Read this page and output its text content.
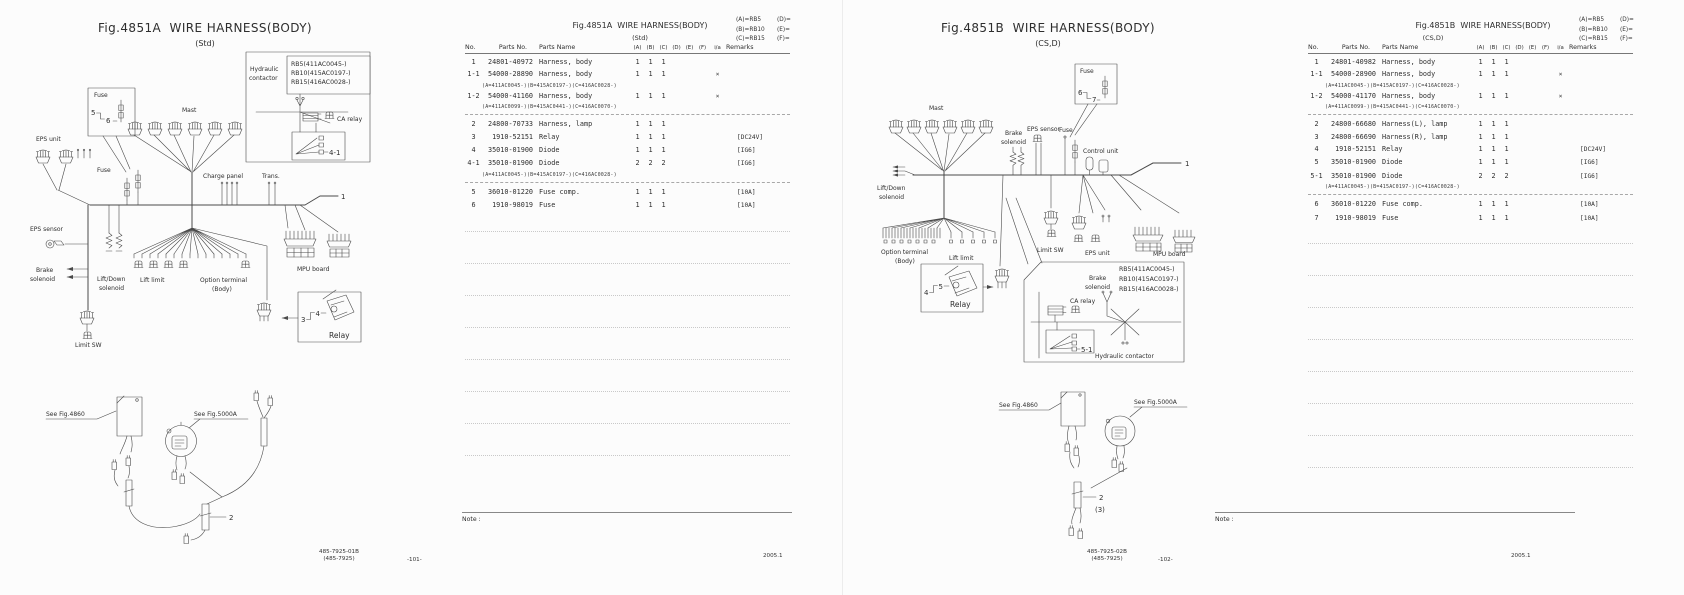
Fig.4851A  WIRE HARNESS(BODY)
(Std)
Fuse
5
6
EPS unit
Fuse
Mast
Hydraulic
contactor
RB5(411AC0045-)
RB10(415AC0197-)
RB15(416AC0028-)
CA relay
4-1
Charge panel	Trans.
1
EPS sensor
Brake
solenoid	Lift/Down
solenoid
Lift limit	Option terminal
(Body)
MPU board
Limit SW
3
4
Relay
See Fig.4860	See Fig.5000A
2
Fig.4851A  WIRE HARNESS(BODY)
(Std)
(A)=RB5	(D)=
(B)=RB10	(E)=
(C)=RB15	(F)=
No.	Parts No.	Parts Name	(A) (B) (C) (D) (E)	(F)	i/a Remarks
1	24801-40972 Harness, body	1	1	1
1-1	54000-28890 Harness, body	1	1	1	×
(A=411AC0045-)(B=415AC0197-)(C=416AC0028-)
1-2	54000-41160 Harness, body	1	1	1	×
(A=411AC0099-)(B=415AC0441-)(C=416AC0070-)
2	24800-70733 Harness, lamp	1	1	1
3	1910-52151 Relay	1	1	1	[DC24V]
4	35010-01900 Diode	1	1	1	[IG6]
4-1	35010-01900 Diode	2	2	2	[IG6]
(A=411AC0045-)(B=415AC0197-)(C=416AC0028-)
5	36010-01220 Fuse comp.	1	1	1	[10A]
6	1910-98019 Fuse	1	1	1	[10A]
Note :
485-7925-01B
(485-7925)	-101-
2005.1
Fig.4851B  WIRE HARNESS(BODY)
(CS,D)
Fuse
6
7
Mast
Brake
solenoid
EPS sensor
Fuse
Control unit
1
Lift/Down
solenoid
Option terminal
(Body)	Lift limit
Limit SW	EPS unit	MPU board
4
5
Relay
RB5(411AC0045-)
RB10(415AC0197-)
RB15(416AC0028-)
Brake
solenoid
CA relay
5-1
Hydraulic contactor
See Fig.4860	See Fig.5000A
2
(3)
Fig.4851B  WIRE HARNESS(BODY)
(CS,D)
(A)=RB5	(D)=
(B)=RB10	(E)=
(C)=RB15	(F)=
No.	Parts No.	Parts Name	(A) (B) (C) (D) (E)	(F)	i/a Remarks
1	24801-40982 Harness, body	1	1	1
1-1	54000-28900 Harness, body	1	1	1	×
(A=411AC0045-)(B=415AC0197-)(C=416AC0028-)
1-2	54000-41170 Harness, body	1	1	1	×
(A=411AC0099-)(B=415AC0441-)(C=416AC0070-)
2	24800-66680 Harness(L), lamp	1	1	1
3	24800-66690 Harness(R), lamp	1	1	1
4	1910-52151 Relay	1	1	1	[DC24V]
5	35010-01900 Diode	1	1	1	[IG6]
5-1	35010-01900 Diode	2	2	2	[IG6]
(A=411AC0045-)(B=415AC0197-)(C=416AC0028-)
6	36010-01220 Fuse comp.	1	1	1	[10A]
7	1910-98019 Fuse	1	1	1	[10A]
Note :
485-7925-02B
(485-7925)	-102-
2005.1
